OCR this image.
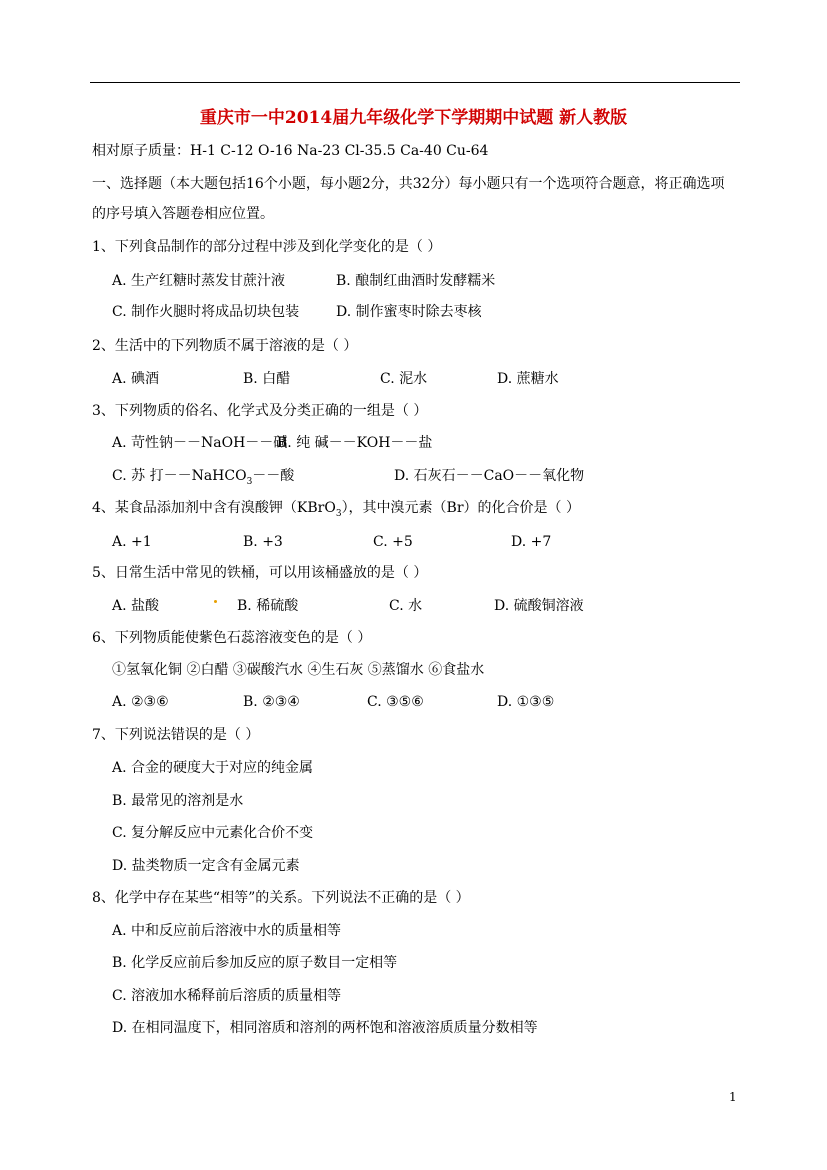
重庆市一中2014届九年级化学下学期期中试题 新人教版
相对原子质量：H-1 C-12 O-16 Na-23 Cl-35.5 Ca-40 Cu-64
一、选择题（本大题包括16个小题，每小题2分，共32分）每小题只有一个选项符合题意，将正确选项
的序号填入答题卷相应位置。
1、下列食品制作的部分过程中涉及到化学变化的是（ ）
A. 生产红糖时蒸发甘蔗汁液	B. 酿制红曲酒时发酵糯米
C. 制作火腿时将成品切块包装	D. 制作蜜枣时除去枣核
2、生活中的下列物质不属于溶液的是（ ）
A. 碘酒	B. 白醋	C. 泥水	D. 蔗糖水
3、下列物质的俗名、化学式及分类正确的一组是（ ）
A. 苛性钠－－NaOH－－碱
B. 纯 碱－－KOH－－盐
C. 苏 打－－NaHCO$_3$－－酸	D. 石灰石－－CaO－－氧化物
4、某食品添加剂中含有溴酸钾（KBrO$_3$），其中溴元素（Br）的化合价是（ ）
A. +1	B. +3	C. +5	D. +7
5、日常生活中常见的铁桶，可以用该桶盛放的是（ ）
A. 盐酸	B. 稀硫酸	C. 水	D. 硫酸铜溶液
6、下列物质能使紫色石蕊溶液变色的是（ ）
①氢氧化铜 ②白醋 ③碳酸汽水 ④生石灰 ⑤蒸馏水 ⑥食盐水
A. ②③⑥	B. ②③④	C. ③⑤⑥	D. ①③⑤
7、下列说法错误的是（ ）
A. 合金的硬度大于对应的纯金属
B. 最常见的溶剂是水
C. 复分解反应中元素化合价不变
D. 盐类物质一定含有金属元素
8、化学中存在某些“相等”的关系。下列说法不正确的是（ ）
A. 中和反应前后溶液中水的质量相等
B. 化学反应前后参加反应的原子数目一定相等
C. 溶液加水稀释前后溶质的质量相等
D. 在相同温度下，相同溶质和溶剂的两杯饱和溶液溶质质量分数相等
1
